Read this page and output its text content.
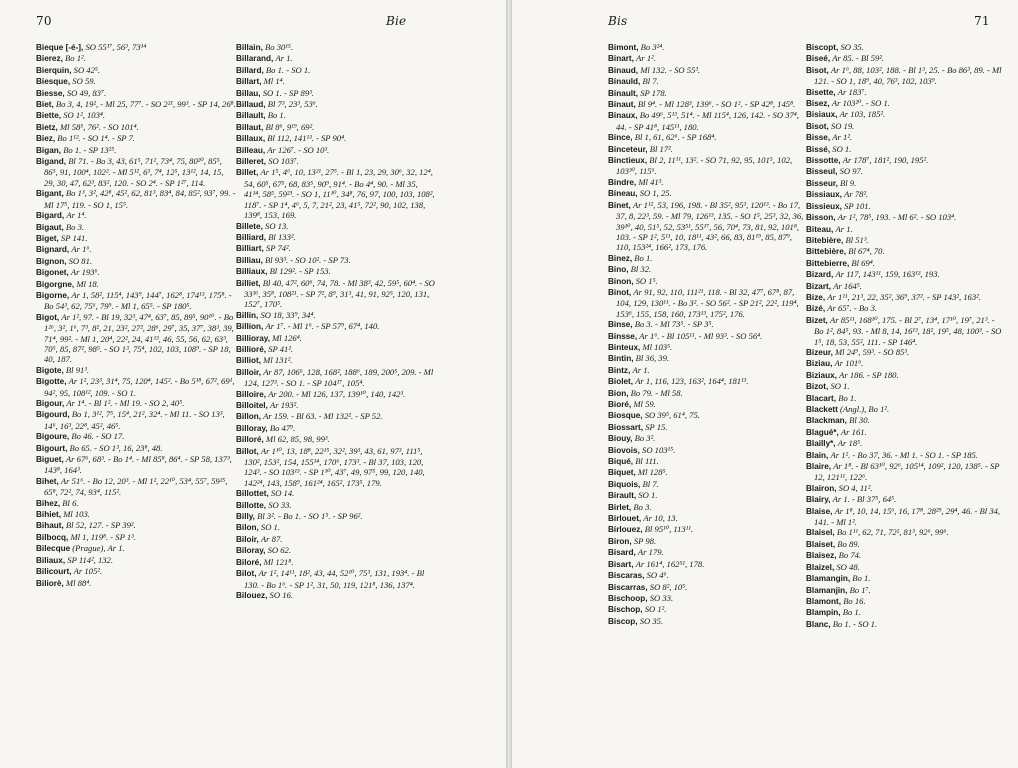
70	Bie
Bieque [-é-], SO 55¹⁷, 56³, 73¹⁴
Bierez, Bo 1².
Bierquin, SO 42⁵.
Biesque, SO 59.
Biesse, SO 49, 83⁷.
Biet, Bo 3, 4, 19², - Ml 25, 77⁷. - SO 2²¹, 99³. - SP 14, 26⁸.
Biette, SO 1², 103⁴.
Bietz, Ml 58⁵, 76². - SO 101⁴.
Biez, Bo 1¹². - SO 1⁴. - SP 7.
Bigan, Bo 1. - SP 13²⁵.
Bigand, Bl 71. - Bo 3, 43, 61⁵, 71², 73⁴, 75, 80²⁰, 85⁵, 86⁵, 91, 100⁴, 102². - Ml 5¹², 6³, 7⁴, 12⁵, 13¹², 14, 15, 29, 30, 47, 62³, 83², 120. - SO 2⁴. - SP 1²⁷, 114.
Bigant, Bo 1³, 3², 42⁸, 45², 62, 81³, 83⁴, 84, 85², 93⁷, 99. - Ml 17⁵, 119. - SO 1, 15⁵.
Bigard, Ar 1⁴.
Bigaut, Bo 3.
Biget, SP 141.
Bignard, Ar 1⁶.
Bignon, SO 81.
Bigonet, Ar 193⁶.
Bigorgne, Ml 18.
Bigorne, Ar 1, 58², 115⁴, 143⁹, 144⁷, 162⁸, 174¹³, 175⁸. - Bo 54³, 62, 75⁶, 79⁹. - Ml 1, 65⁵. - SP 180⁵.
Bigot, Ar 1², 97. - Bl 19, 32³, 47⁴, 63⁷, 85, 89⁵, 90¹⁰. - Bo 1²⁶, 3², 1⁶, 7³, 8², 21, 23², 27², 28⁶, 29⁷, 35, 37⁷, 38³, 39, 71⁴, 99². - Ml 1, 20⁴, 22², 24, 41¹³, 46, 55, 56, 62, 63³, 70⁵, 85, 87², 98⁵. - SO 1³, 75⁴, 102, 103, 108⁹. - SP 18, 40, 187.
Bigote, Bl 91³.
Bigotte, Ar 1², 23³, 31⁴, 75, 120⁴, 145². - Bo 5¹⁸, 67², 69¹, 94², 95, 108¹², 109. - SO 1.
Bigour, Ar 1⁴. - Bl 1². - Ml 19. - SO 2, 40⁵.
Bigourd, Bo 1, 3¹², 7⁵, 15⁴, 21², 32⁴. - Ml 11. - SO 13³, 14⁶, 16³, 22⁸, 45², 46⁵.
Bigoure, Bo 46. - SO 17.
Bigourt, Bo 65. - SO 1³, 16, 23⁸, 48.
Biguet, Ar 67⁶, 68³. - Bo 1⁴. - Ml 85⁸, 86⁴. - SP 58, 137³, 143⁸, 164³.
Bihet, Ar 51⁶. - Bo 12, 20³. - Ml 1², 22¹⁰, 53⁴, 55⁷, 59²⁵, 65⁸, 72², 74, 93⁴, 115².
Bihez, Bl 6.
Bihiet, Ml 103.
Bihaut, Bl 52, 127. - SP 39².
Bilbocq, Ml 1, 119⁸. - SP 1³.
Bilecque (Prague), Ar 1.
Biliaux, SP 114², 132.
Bilicourt, Ar 105².
Biliorè, Ml 88⁴.
Billain, Bo 30¹⁵.
Billarand, Ar 1.
Billard, Bo 1. - SO 1.
Billart, Ml 1⁴.
Billau, SO 1. - SP 89³.
Billaud, Bl 7³, 23³, 53⁶.
Billault, Bo 1.
Billaut, Bl 8⁶, 9¹⁹, 69².
Billaux, Bl 112, 141¹³. - SP 90⁴.
Billeau, Ar 126⁷. - SO 10³.
Billeret, SO 103⁷.
Billet, Ar 1⁵, 4⁶, 10, 13²¹, 27⁵. - Bl 1, 23, 29, 30⁶, 32, 12⁴, 54, 60⁵, 67⁵, 68, 83⁵, 90⁹, 91⁴. - Bo 4⁴, 90. - Ml 35, 41¹⁴, 58⁵, 59²³. - SO 1, 11¹⁰, 34⁸, 76, 97, 100, 103, 108², 118⁷. - SP 1⁴, 4⁶, 5, 7, 21², 23, 41⁵, 72², 90, 102, 138, 139⁸, 153, 169.
Billete, SO 13.
Billiard, Bl 133².
Billiart, SP 74².
Billiau, Bl 93³. - SO 10². - SP 73.
Billiaux, Bl 129². - SP 153.
Billiet, Bl 40, 47², 60⁶, 74, 78. - Ml 38³, 42, 59⁵, 60⁴. - SO 33³⁶, 35⁸, 108²¹. - SP 7², 8⁹, 31³, 41, 91, 92⁵, 120, 131, 152⁷, 170⁵.
Billin, SO 18, 33⁹, 34⁴.
Billion, Ar 1⁷. - Ml 1⁶. - SP 57⁹, 67⁴, 140.
Billioray, Ml 126⁴.
Billioré, SP 41².
Billiot, Ml 131².
Billoir, Ar 87, 106⁶, 128, 168², 188⁶, 189, 200⁵, 209. - Ml 124, 127³. - SO 1. - SP 104¹⁷, 105⁴.
Billoire, Ar 200. - Ml 126, 137, 139¹⁰, 140, 142³.
Billoitel, Ar 193².
Billon, Ar 159. - Bl 63. - Ml 132². - SP 52.
Billoray, Bo 47⁹.
Billoré, Ml 62, 85, 98, 99³.
Billot, Ar 1¹⁰, 13, 18⁸, 22¹⁵, 32², 39³, 43, 61, 97³, 111⁵, 130², 153², 154, 155¹⁴, 170⁶, 173³. - Bl 37, 103, 120, 124³. - SO 103¹³. - SP 1¹⁰, 43⁷, 49, 97⁵, 99, 120, 140, 142²⁴, 143, 158⁹, 161²⁴, 165², 173⁵, 179.
Billottet, SO 14.
Billotte, SO 33.
Billy, Bl 3². - Bo 1. - SO 1⁵. - SP 96².
Bilon, SO 1.
Biloir, Ar 87.
Biloray, SO 62.
Biloré, Ml 121⁸.
Bilot, Ar 1², 14¹¹, 18², 43, 44, 52¹⁰, 75³, 131, 193⁴. - Bl 130. - Bo 1⁶. - SP 1², 31, 50, 119, 121⁸, 136, 137⁴.
Bilouez, SO 16.
Bis	71
Bimont, Bo 3²⁴.
Binart, Ar 1².
Binaud, Ml 132. - SO 55³.
Binauld, Bl 7.
Binault, SP 178.
Binaut, Bl 9⁴. - Ml 128³, 139⁶. - SO 1². - SP 42⁸, 145⁸.
Binaux, Bo 49⁶, 5¹³, 51⁴. - Ml 115⁴, 126, 142. - SO 37⁴, 44. - SP 41⁸, 145¹¹, 180.
Bince, Bl 1, 61, 62⁶. - SP 168⁴.
Binceteur, Bl 17².
Binctieux, Bl 2, 11¹¹, 13². - SO 71, 92, 95, 101⁵, 102, 103³⁰, 115⁶.
Bindre, Ml 41³.
Bineau, SO 1, 25.
Binet, Ar 1¹², 53, 196, 198. - Bl 35², 95³, 120¹³. - Bo 17, 37, 8, 22³, 59. - Ml 79, 126¹³, 135. - SO 1⁵, 25³, 32, 36, 39¹⁰, 40, 51⁵, 52, 53⁵¹, 55¹⁷, 56, 70⁴, 73, 81, 92, 101⁸, 103. - SP 1², 5¹¹, 10, 18¹¹, 43², 66, 83, 81¹⁹, 85, 87⁹, 110, 153²⁴, 166², 173, 176.
Binez, Bo 1.
Bino, Bl 32.
Binon, SO 1⁵.
Binot, Ar 91, 92, 110, 111²¹, 118. - Bl 32, 47⁷, 67⁸, 87, 104, 129, 130¹¹. - Bo 3². - SO 56². - SP 21², 22², 119⁴, 153⁶, 155, 158, 160, 173¹³, 175², 176.
Binse, Bo 3. - Ml 73⁵. - SP 3⁵.
Binsse, Ar 1⁶. - Bl 105¹¹. - Ml 93³. - SO 56⁴.
Binteux, Ml 103⁵.
Bintin, Bl 36, 39.
Bintz, Ar 1.
Biolet, Ar 1, 116, 123, 163², 164⁴, 181¹³.
Bion, Bo 79. - Ml 58.
Bioré, Ml 59.
Biosque, SO 39⁵, 61⁴, 75.
Biossart, SP 15.
Biouy, Bo 3².
Biovois, SO 103¹⁵.
Biqué, Bl 111.
Biquet, Ml 128⁵.
Biquois, Bl 7.
Birault, SO 1.
Birlet, Bo 3.
Birlouet, Ar 10, 13.
Birlouez, Bl 95¹⁰, 113¹¹.
Biron, SP 98.
Bisard, Ar 179.
Bisart, Ar 161⁴, 162⁵¹, 178.
Biscaras, SO 4⁶.
Biscarras, SO 8², 10⁵.
Bischoop, SO 33.
Bischop, SO 1².
Biscop, SO 35.
Biscopt, SO 35.
Biseé, Ar 85. - Bl 59².
Bisot, Ar 1⁶, 88, 103², 188. - Bl 1³, 25. - Bo 86³, 89. - Ml 121. - SO 1, 18⁹, 40, 76³, 102, 103⁹.
Bisette, Ar 183⁷.
Bisez, Ar 103²⁰. - SO 1.
Bisiaux, Ar 103, 185².
Bisot, SO 19.
Bisse, Ar 1².
Bissé, SO 1.
Bissotte, Ar 178⁷, 181², 190, 195².
Bisseul, SO 97.
Bisseur, Bl 9.
Bissiaux, Ar 78².
Bissieux, SP 101.
Bisson, Ar 1², 78⁵, 193. - Ml 6². - SO 103⁴.
Biteau, Ar 1.
Bitebière, Bl 51³.
Bittebière, Bl 67⁴, 70.
Bittebierre, Bl 69⁴.
Bizard, Ar 117, 143¹¹, 159, 163¹³, 193.
Bizart, Ar 164⁵.
Bize, Ar 1¹¹, 21³, 22, 35², 36⁹, 37². - SP 143², 163².
Bizé, Ar 65⁷. - Bo 3.
Bizet, Ar 85¹¹, 168¹⁰, 175. - Bl 2⁷, 13⁴, 17¹⁰, 19⁷, 21³. - Bo 1², 84⁵, 93. - Ml 8, 14, 16¹³, 18², 19⁵, 48, 100³. - SO 1⁵, 18, 53, 55², 111. - SP 146⁴.
Bizeur, Ml 24⁹, 59³. - SO 85³.
Biziau, Ar 101⁶.
Biziaux, Ar 186. - SP 180.
Bizot, SO 1.
Blacart, Bo 1.
Blackett (Angl.), Bo 1².
Blackman, Bl 30.
Blagué*, Ar 161.
Blailly*, Ar 18⁵.
Blain, Ar 1². - Bo 37, 36. - Ml 1. - SO 1. - SP 185.
Blaire, Ar 1⁸. - Bl 63¹⁰, 92⁶, 105¹⁴, 109², 120, 138⁵. - SP 12, 121¹¹, 122⁶.
Blairon, SO 4, 11².
Blairy, Ar 1. - Bl 37⁵, 64⁵.
Blaise, Ar 1⁸, 10, 14, 15⁶, 16, 17⁸, 28²⁹, 29⁴, 46. - Bl 34, 141. - Ml 1².
Blaisel, Bo 1¹¹, 62, 71, 72², 81³, 92⁶, 99⁶.
Blaiset, Bo 89.
Blaisez, Bo 74.
Blaizel, SO 48.
Blamangin, Bo 1.
Blamanjin, Bo 1⁷.
Blamont, Bo 16.
Blampin, Bo 1.
Blanc, Bo 1. - SO 1.
